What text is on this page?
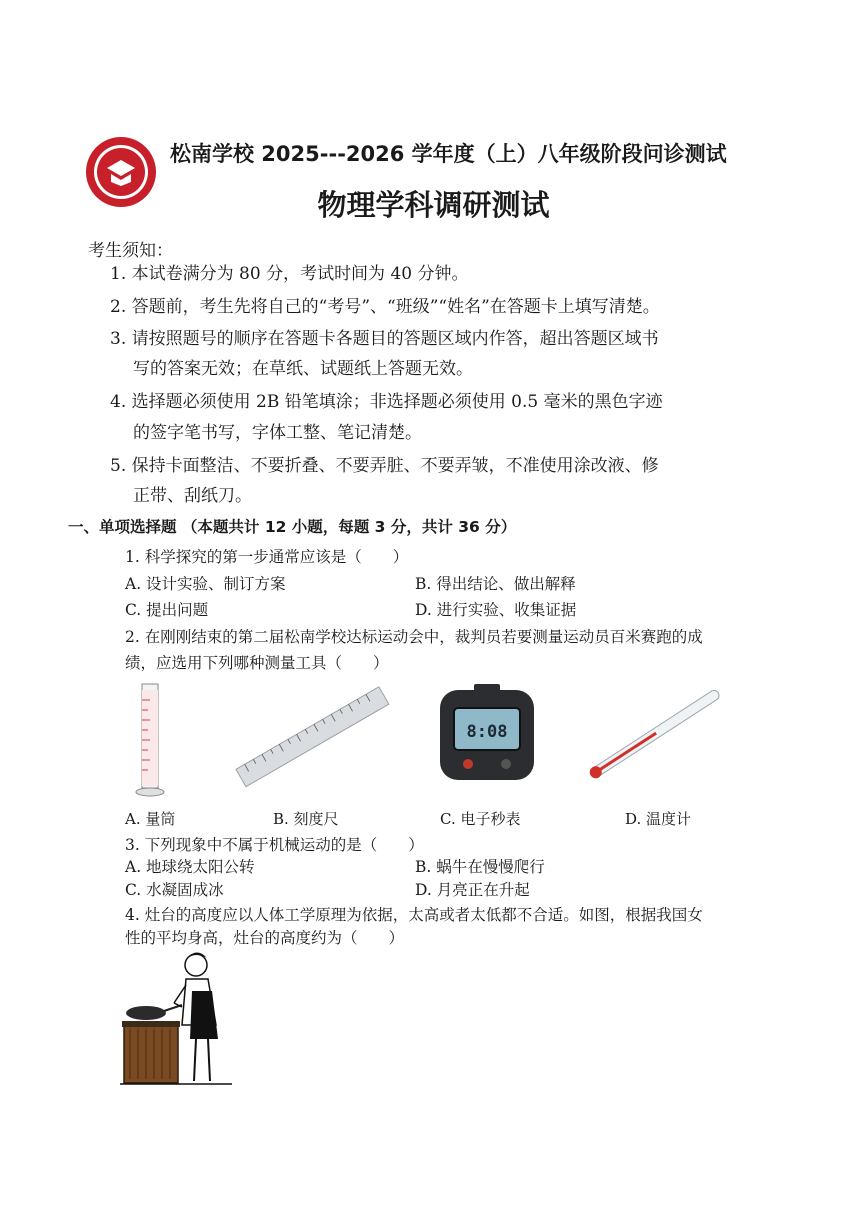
松南学校 2025---2026 学年度（上）八年级阶段问诊测试
物理学科调研测试
考生须知：
1. 本试卷满分为 80 分，考试时间为 40 分钟。
2. 答题前，考生先将自己的“考号”、“班级”“姓名”在答题卡上填写清楚。
3. 请按照题号的顺序在答题卡各题目的答题区域内作答，超出答题区域书
写的答案无效；在草纸、试题纸上答题无效。
4. 选择题必须使用 2B 铅笔填涂；非选择题必须使用 0.5 毫米的黑色字迹
的签字笔书写，字体工整、笔记清楚。
5. 保持卡面整洁、不要折叠、不要弄脏、不要弄皱，不准使用涂改液、修
正带、刮纸刀。
一、单项选择题 （本题共计 12 小题，每题 3 分，共计 36 分）
1. 科学探究的第一步通常应该是（　　）
A. 设计实验、制订方案	B. 得出结论、做出解释
C. 提出问题	D. 进行实验、收集证据
2. 在刚刚结束的第二届松南学校达标运动会中，裁判员若要测量运动员百米赛跑的成
绩，应选用下列哪种测量工具（　　）
8:08
A. 量筒	B. 刻度尺	C. 电子秒表	D. 温度计
3. 下列现象中不属于机械运动的是（　　）
A. 地球绕太阳公转	B. 蜗牛在慢慢爬行
C. 水凝固成冰	D. 月亮正在升起
4. 灶台的高度应以人体工学原理为依据，太高或者太低都不合适。如图，根据我国女
性的平均身高，灶台的高度约为（　　）
